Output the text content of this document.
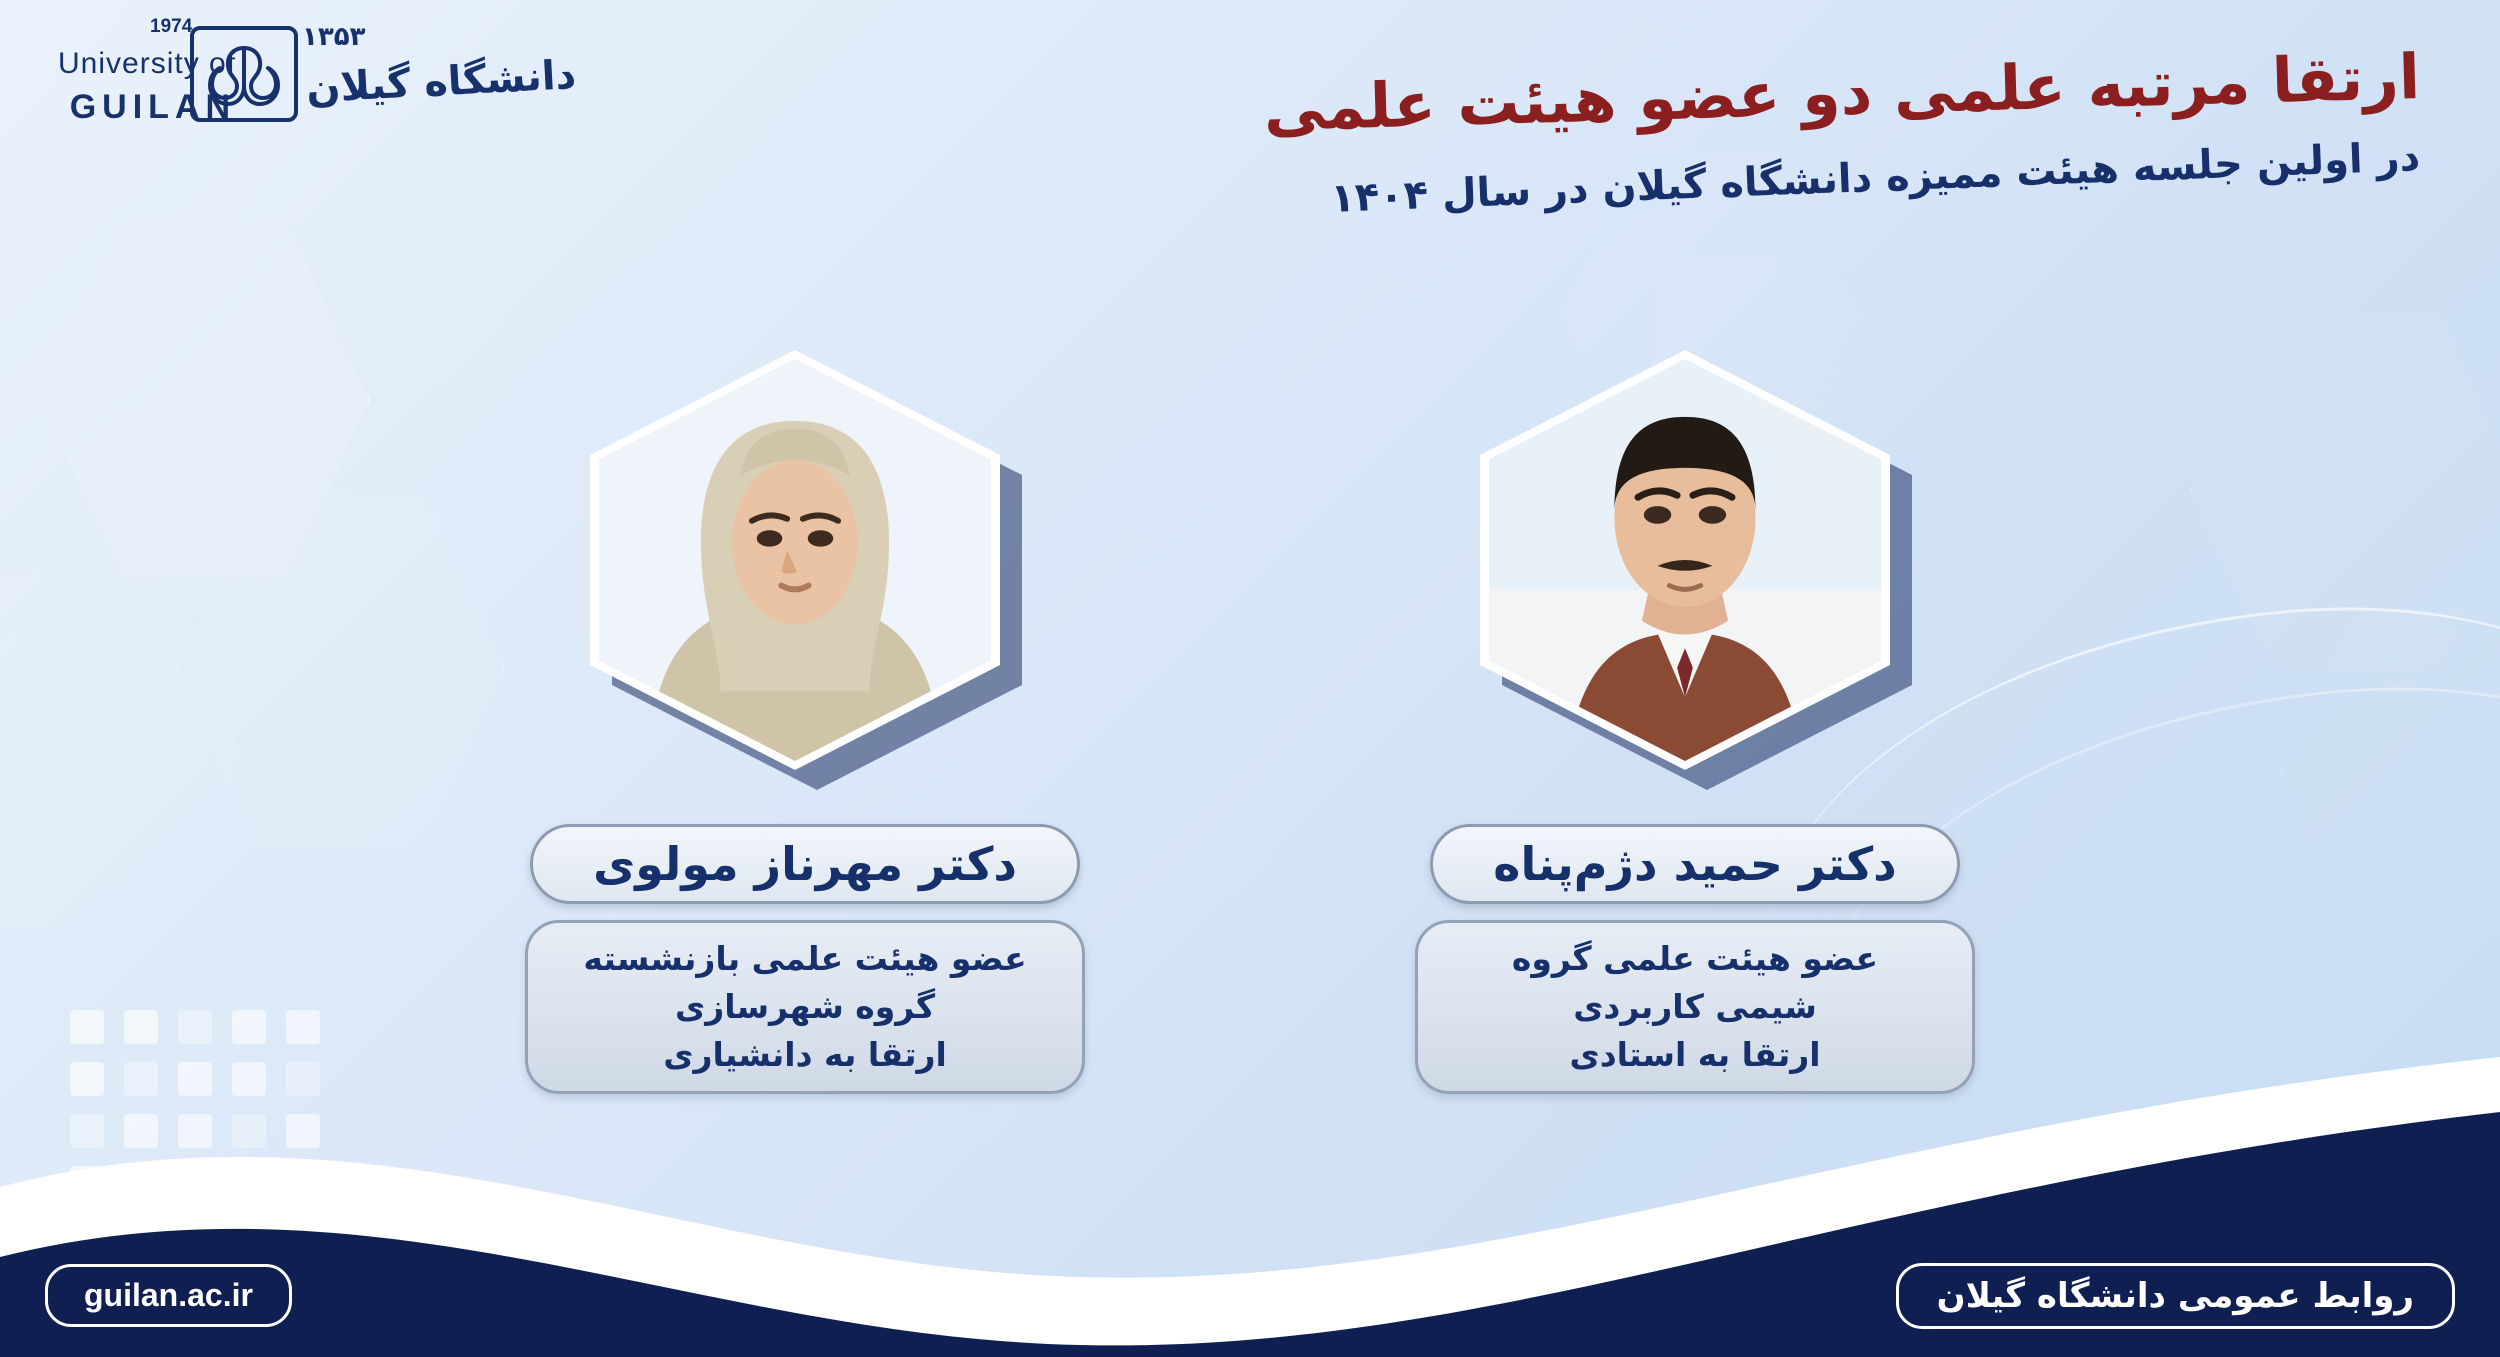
1974
University of
GUILAN
۱۳۵۳
دانشگاه گیلان	ارتقا مرتبه علمی دو عضو هیئت علمی
در اولین جلسه هیئت ممیزه دانشگاه گیلان در سال ۱۴۰۴
دکتر حمید دژم‌پناه
عضو هیئت علمی گروه شیمی کاربردی
ارتقا به استادی
دکتر مهرناز مولوی
عضو هیئت علمی بازنشسته گروه شهرسازی
ارتقا به دانشیاری
guilan.ac.ir	روابط عمومی دانشگاه گیلان
